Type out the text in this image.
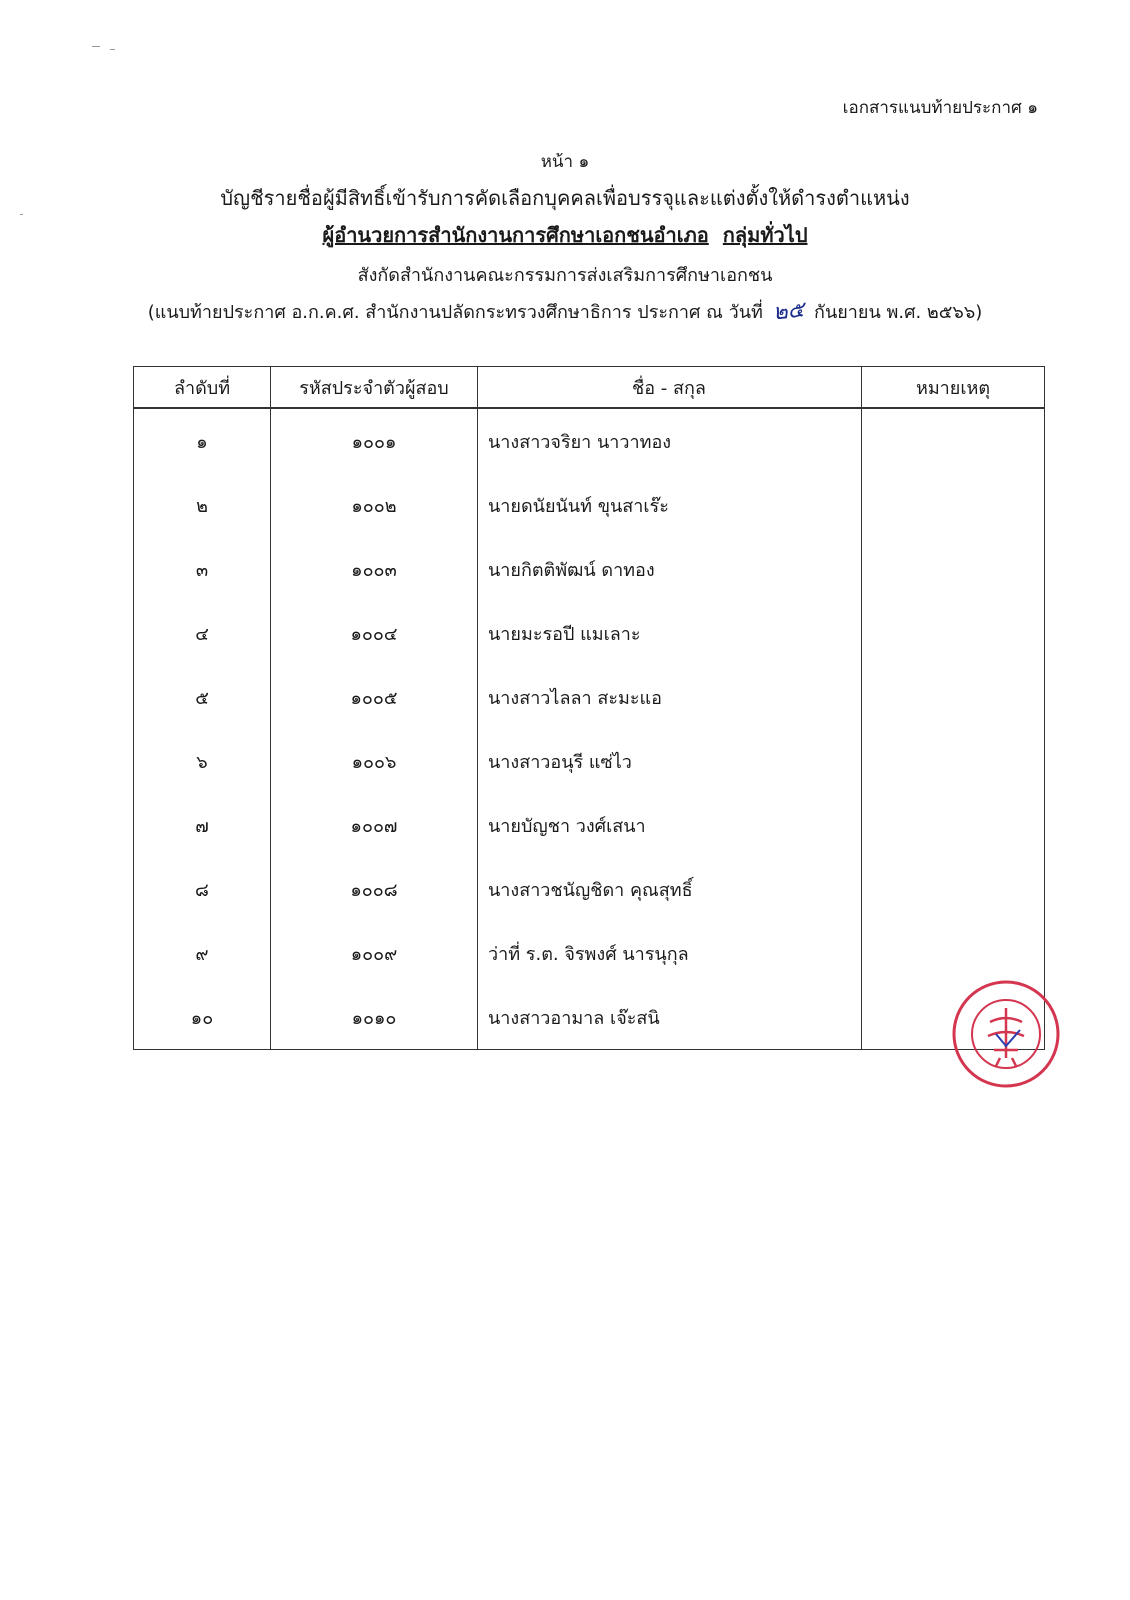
เอกสารแนบท้ายประกาศ ๑
หน้า ๑
บัญชีรายชื่อผู้มีสิทธิ์เข้ารับการคัดเลือกบุคคลเพื่อบรรจุและแต่งตั้งให้ดำรงตำแหน่ง
ผู้อำนวยการสำนักงานการศึกษาเอกชนอำเภอ กลุ่มทั่วไป
สังกัดสำนักงานคณะกรรมการส่งเสริมการศึกษาเอกชน
(แนบท้ายประกาศ อ.ก.ค.ศ. สำนักงานปลัดกระทรวงศึกษาธิการ ประกาศ ณ วันที่ ๒๕ กันยายน พ.ศ. ๒๕๖๖)
ลำดับที่	รหัสประจำตัวผู้สอบ	ชื่อ - สกุล	หมายเหตุ
๑	๑๐๐๑	นางสาวจริยา นาวาทอง	
๒	๑๐๐๒	นายดนัยนันท์ ขุนสาเร๊ะ	
๓	๑๐๐๓	นายกิตติพัฒน์ ดาทอง	
๔	๑๐๐๔	นายมะรอปี แมเลาะ	
๕	๑๐๐๕	นางสาวไลลา สะมะแอ	
๖	๑๐๐๖	นางสาวอนุรี แซ่ไว	
๗	๑๐๐๗	นายบัญชา วงศ์เสนา	
๘	๑๐๐๘	นางสาวชนัญชิดา คุณสุทธิ์	
๙	๑๐๐๙	ว่าที่ ร.ต. จิรพงศ์ นารนุกุล	
๑๐	๑๐๑๐	นางสาวอามาล เจ๊ะสนิ	
